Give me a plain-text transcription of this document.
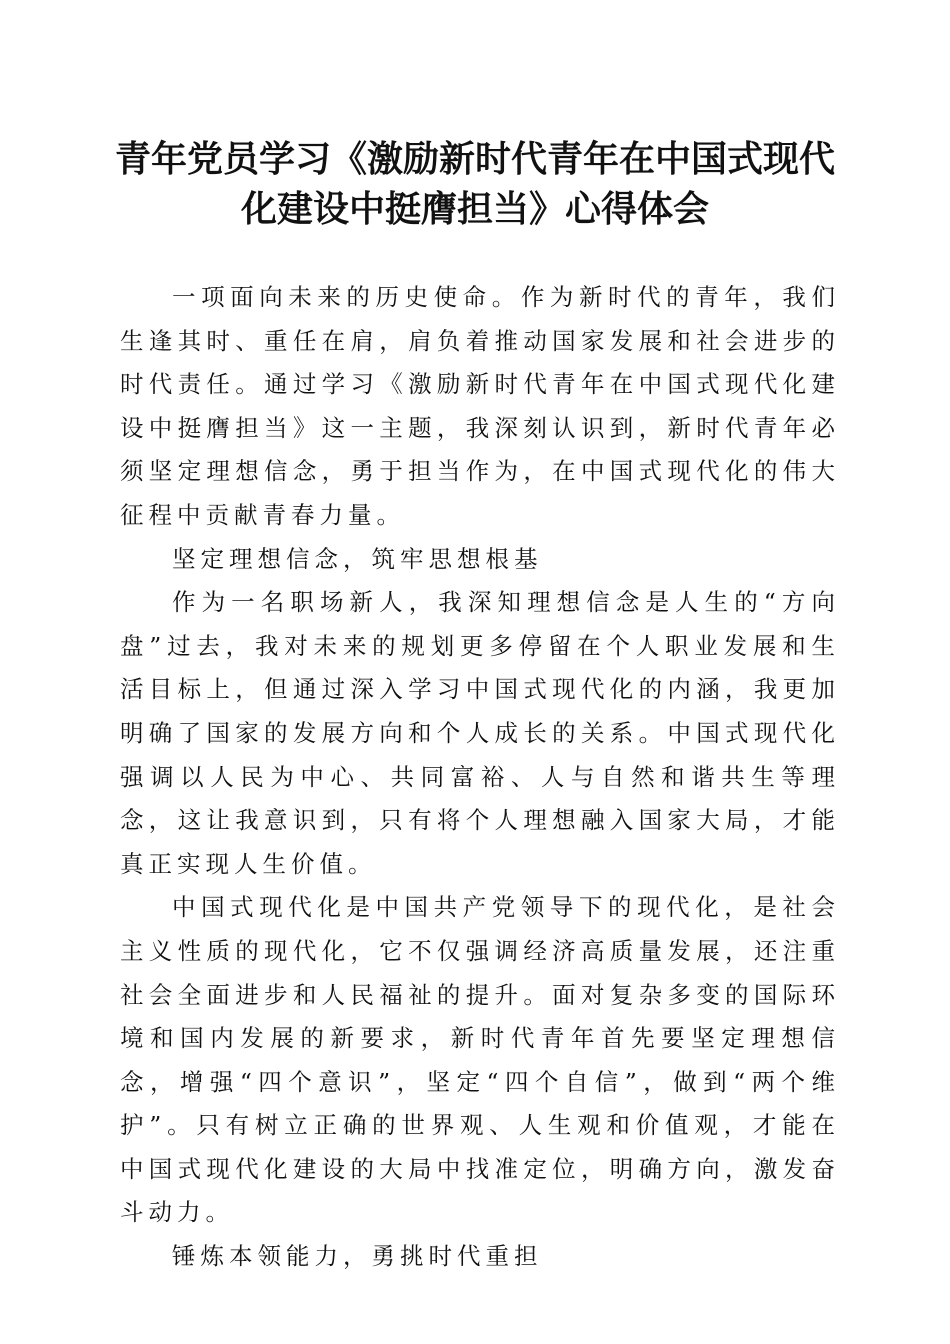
青年党员学习《激励新时代青年在中国式现代
化建设中挺膺担当》心得体会

一项面向未来的历史使命。作为新时代的青年，我们生逢其时、重任在肩，肩负着推动国家发展和社会进步的时代责任。通过学习《激励新时代青年在中国式现代化建设中挺膺担当》这一主题，我深刻认识到，新时代青年必须坚定理想信念，勇于担当作为，在中国式现代化的伟大征程中贡献青春力量。

坚定理想信念，筑牢思想根基

作为一名职场新人，我深知理想信念是人生的“方向盘”过去，我对未来的规划更多停留在个人职业发展和生活目标上，但通过深入学习中国式现代化的内涵，我更加明确了国家的发展方向和个人成长的关系。中国式现代化强调以人民为中心、共同富裕、人与自然和谐共生等理念，这让我意识到，只有将个人理想融入国家大局，才能真正实现人生价值。

中国式现代化是中国共产党领导下的现代化，是社会主义性质的现代化，它不仅强调经济高质量发展，还注重社会全面进步和人民福祉的提升。面对复杂多变的国际环境和国内发展的新要求，新时代青年首先要坚定理想信念，增强“四个意识”，坚定“四个自信”，做到“两个维护”。只有树立正确的世界观、人生观和价值观，才能在中国式现代化建设的大局中找准定位，明确方向，激发奋斗动力。

锤炼本领能力，勇挑时代重担
